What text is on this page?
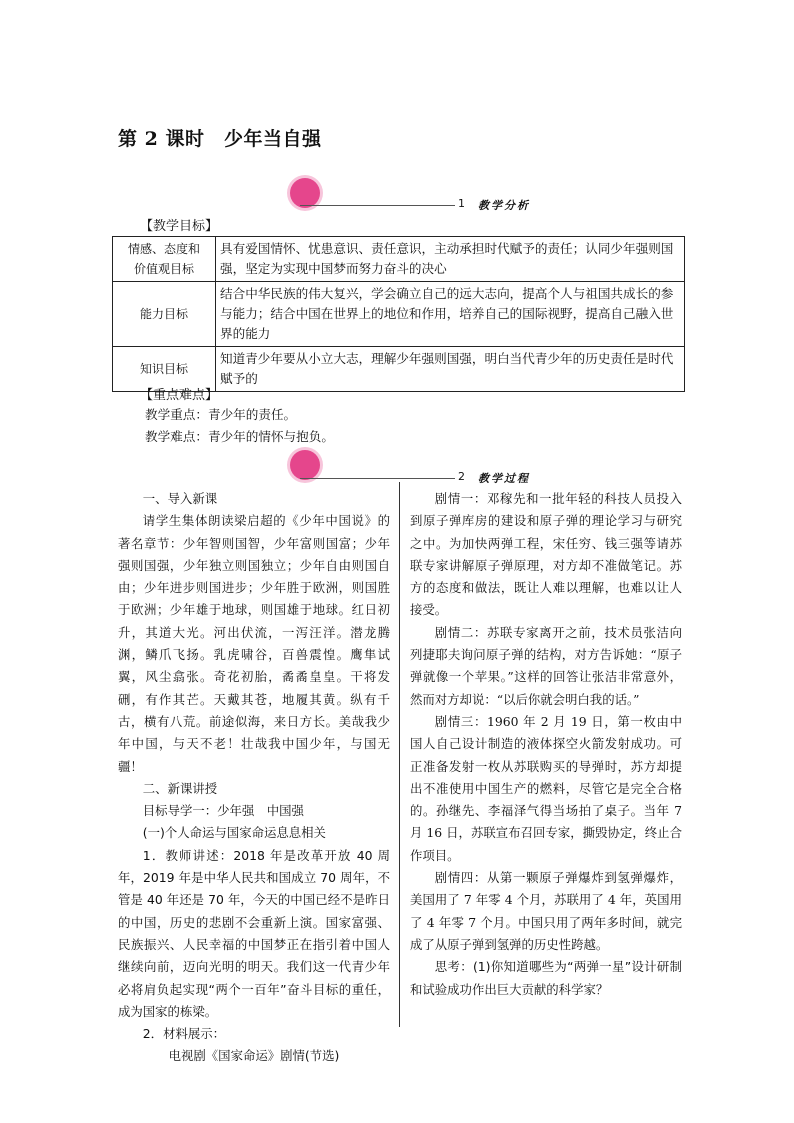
第 2 课时　少年当自强
1 教学分析
【教学目标】
情感、态度和
价值观目标	具有爱国情怀、忧患意识、责任意识，主动承担时代赋予的责任；认同少年强则国强，坚定为实现中国梦而努力奋斗的决心
能力目标	结合中华民族的伟大复兴，学会确立自己的远大志向，提高个人与祖国共成长的参与能力；结合中国在世界上的地位和作用，培养自己的国际视野，提高自己融入世界的能力
知识目标	知道青少年要从小立大志，理解少年强则国强，明白当代青少年的历史责任是时代赋予的
【重点难点】
教学重点：青少年的责任。
教学难点：青少年的情怀与抱负。
2 教学过程

一、导入新课

请学生集体朗读梁启超的《少年中国说》的著名章节：少年智则国智，少年富则国富；少年强则国强，少年独立则国独立；少年自由则国自由；少年进步则国进步；少年胜于欧洲，则国胜于欧洲；少年雄于地球，则国雄于地球。红日初升，其道大光。河出伏流，一泻汪洋。潜龙腾渊，鳞爪飞扬。乳虎啸谷，百兽震惶。鹰隼试翼，风尘翕张。奇花初胎，矞矞皇皇。干将发硎，有作其芒。天戴其苍，地履其黄。纵有千古，横有八荒。前途似海，来日方长。美哉我少年中国，与天不老！壮哉我中国少年，与国无疆！

二、新课讲授

目标导学一：少年强　中国强

(一)个人命运与国家命运息息相关

1．教师讲述：2018 年是改革开放 40 周年，2019 年是中华人民共和国成立 70 周年，不管是 40 年还是 70 年，今天的中国已经不是昨日的中国，历史的悲剧不会重新上演。国家富强、民族振兴、人民幸福的中国梦正在指引着中国人继续向前，迈向光明的明天。我们这一代青少年必将肩负起实现“两个一百年”奋斗目标的重任，成为国家的栋梁。

2．材料展示：

电视剧《国家命运》剧情(节选)

剧情一：邓稼先和一批年轻的科技人员投入到原子弹库房的建设和原子弹的理论学习与研究之中。为加快两弹工程，宋任穷、钱三强等请苏联专家讲解原子弹原理，对方却不准做笔记。苏方的态度和做法，既让人难以理解，也难以让人接受。

剧情二：苏联专家离开之前，技术员张洁向列捷耶夫询问原子弹的结构，对方告诉她：“原子弹就像一个苹果。”这样的回答让张洁非常意外，然而对方却说：“以后你就会明白我的话。”

剧情三：1960 年 2 月 19 日，第一枚由中国人自己设计制造的液体探空火箭发射成功。可正准备发射一枚从苏联购买的导弹时，苏方却提出不准使用中国生产的燃料，尽管它是完全合格的。孙继先、李福泽气得当场拍了桌子。当年 7 月 16 日，苏联宣布召回专家，撕毁协定，终止合作项目。

剧情四：从第一颗原子弹爆炸到氢弹爆炸，美国用了 7 年零 4 个月，苏联用了 4 年，英国用了 4 年零 7 个月。中国只用了两年多时间，就完成了从原子弹到氢弹的历史性跨越。

思考：(1)你知道哪些为“两弹一星”设计研制和试验成功作出巨大贡献的科学家？
